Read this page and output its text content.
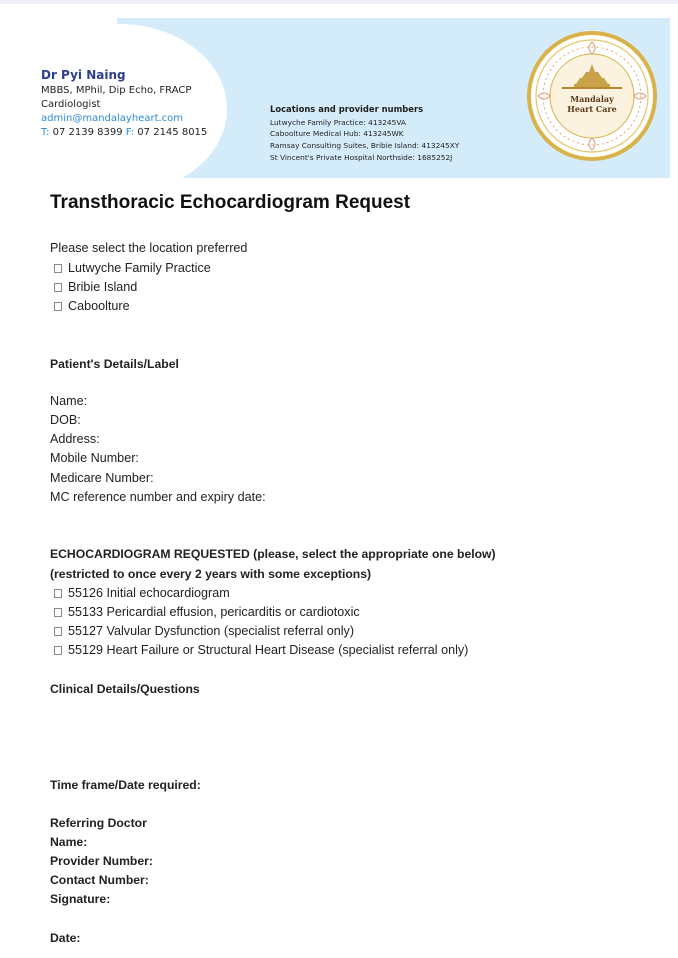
Dr Pyi Naing
MBBS, MPhil, Dip Echo, FRACP
Cardiologist
admin@mandalayheart.com
T: 07 2139 8399 F: 07 2145 8015
Locations and provider numbers
Lutwyche Family Practice: 413245VA
Caboolture Medical Hub: 413245WK
Ramsay Consulting Suites, Bribie Island: 413245XY
St Vincent's Private Hospital Northside: 1685252J
Mandalay
Heart Care
Transthoracic Echocardiogram Request
Please select the location preferred
Lutwyche Family Practice
Bribie Island
Caboolture
Patient's Details/Label
Name:
DOB:
Address:
Mobile Number:
Medicare Number:
MC reference number and expiry date:
ECHOCARDIOGRAM REQUESTED (please, select the appropriate one below)
(restricted to once every 2 years with some exceptions)
55126 Initial echocardiogram
55133 Pericardial effusion, pericarditis or cardiotoxic
55127 Valvular Dysfunction (specialist referral only)
55129 Heart Failure or Structural Heart Disease (specialist referral only)
Clinical Details/Questions
Time frame/Date required:
Referring Doctor
Name:
Provider Number:
Contact Number:
Signature:
Date:
